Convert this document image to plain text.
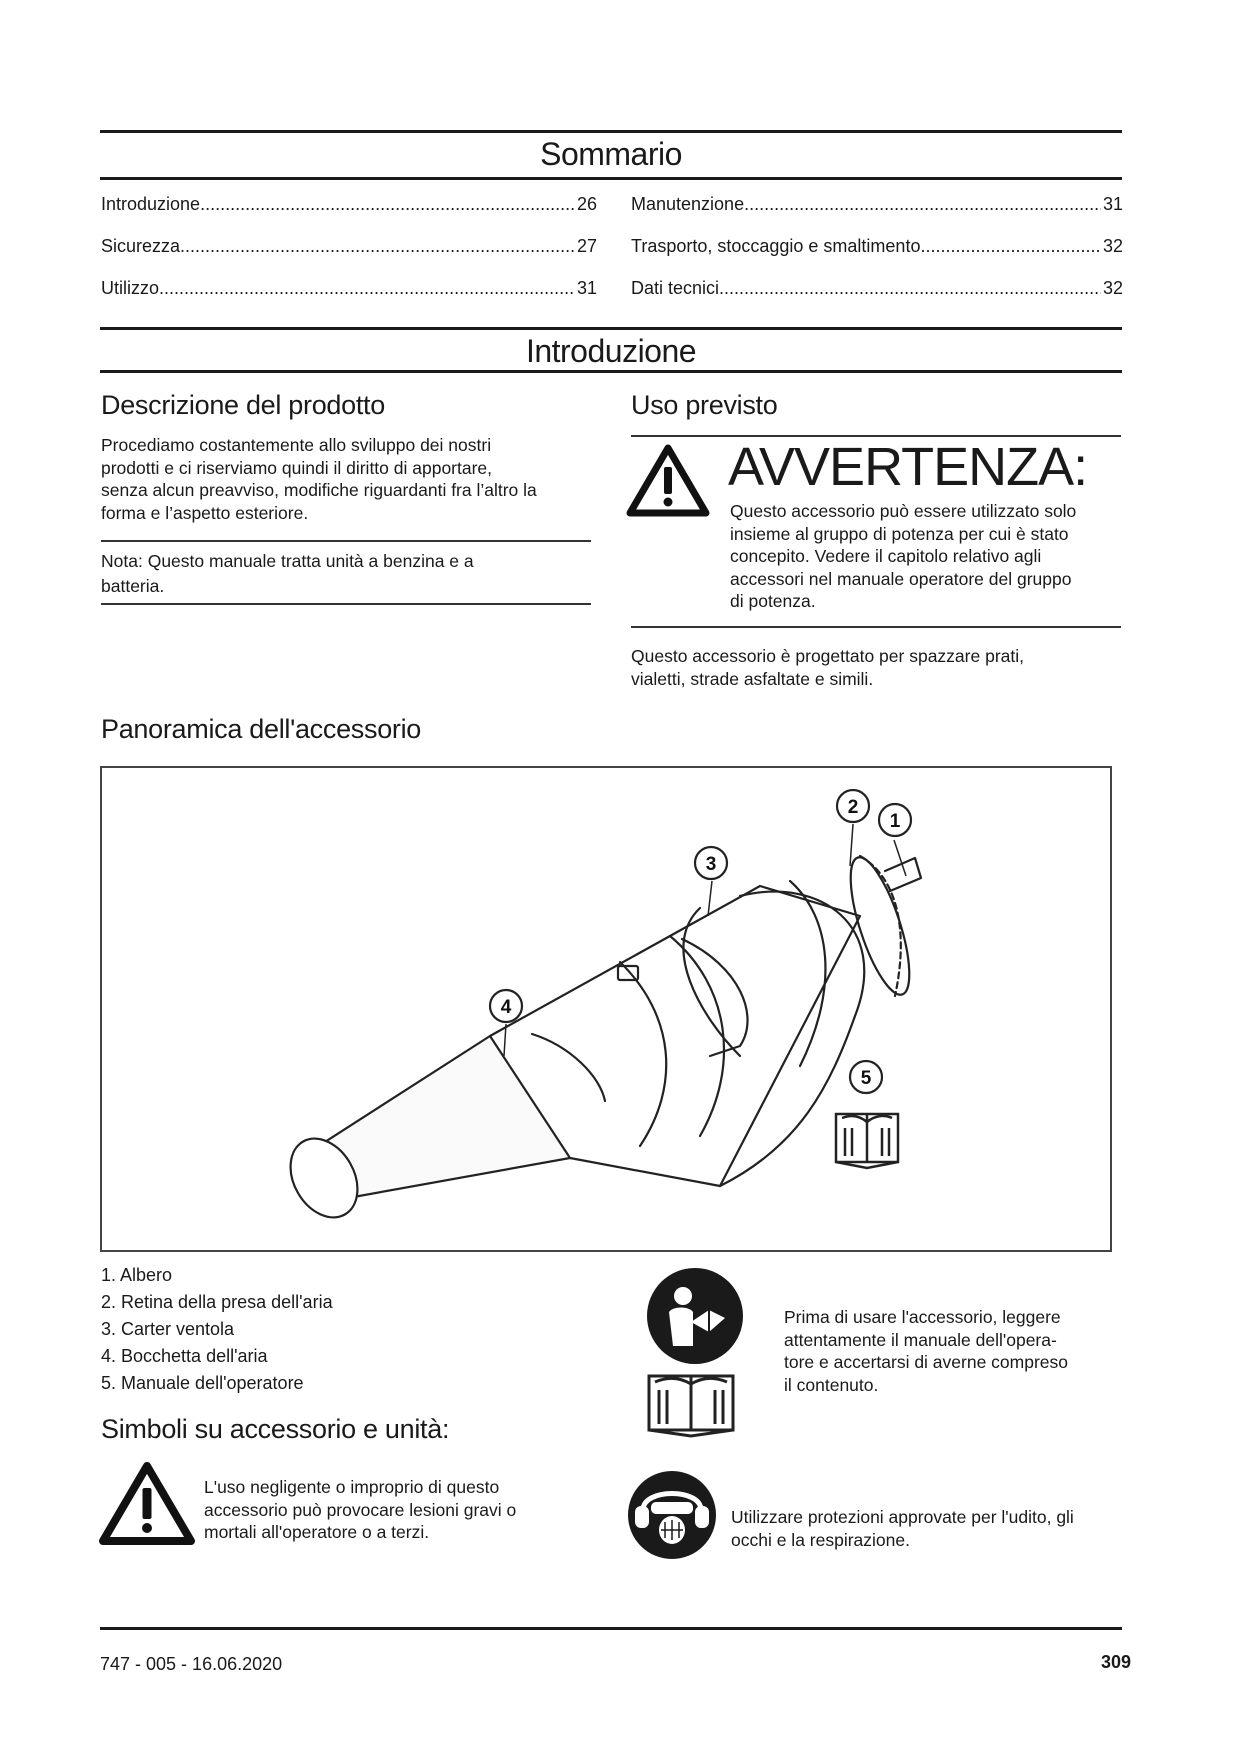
Sommario
Introduzione .....	26
Sicurezza .....	27
Utilizzo .....	31
Manutenzione .....	31
Trasporto, stoccaggio e smaltimento .....	32
Dati tecnici .....	32
Introduzione
Descrizione del prodotto
Procediamo costantemente allo sviluppo dei nostri
prodotti e ci riserviamo quindi il diritto di apportare,
senza alcun preavviso, modifiche riguardanti fra l’altro la
forma e l’aspetto esteriore.
Nota: Questo manuale tratta unità a benzina e a
batteria.
Uso previsto
AVVERTENZA:
Questo accessorio può essere utilizzato solo
insieme al gruppo di potenza per cui è stato
concepito. Vedere il capitolo relativo agli
accessori nel manuale operatore del gruppo
di potenza.
Questo accessorio è progettato per spazzare prati,
vialetti, strade asfaltate e simili.
Panoramica dell'accessorio
1
2
3
4
5
1. Albero
2. Retina della presa dell'aria
3. Carter ventola
4. Bocchetta dell'aria
5. Manuale dell'operatore
Prima di usare l'accessorio, leggere
attentamente il manuale dell'opera-
tore e accertarsi di averne compreso
il contenuto.
Simboli su accessorio e unità:
L'uso negligente o improprio di questo
accessorio può provocare lesioni gravi o
mortali all'operatore o a terzi.
Utilizzare protezioni approvate per l'udito, gli
occhi e la respirazione.
747 - 005 - 16.06.2020	309
